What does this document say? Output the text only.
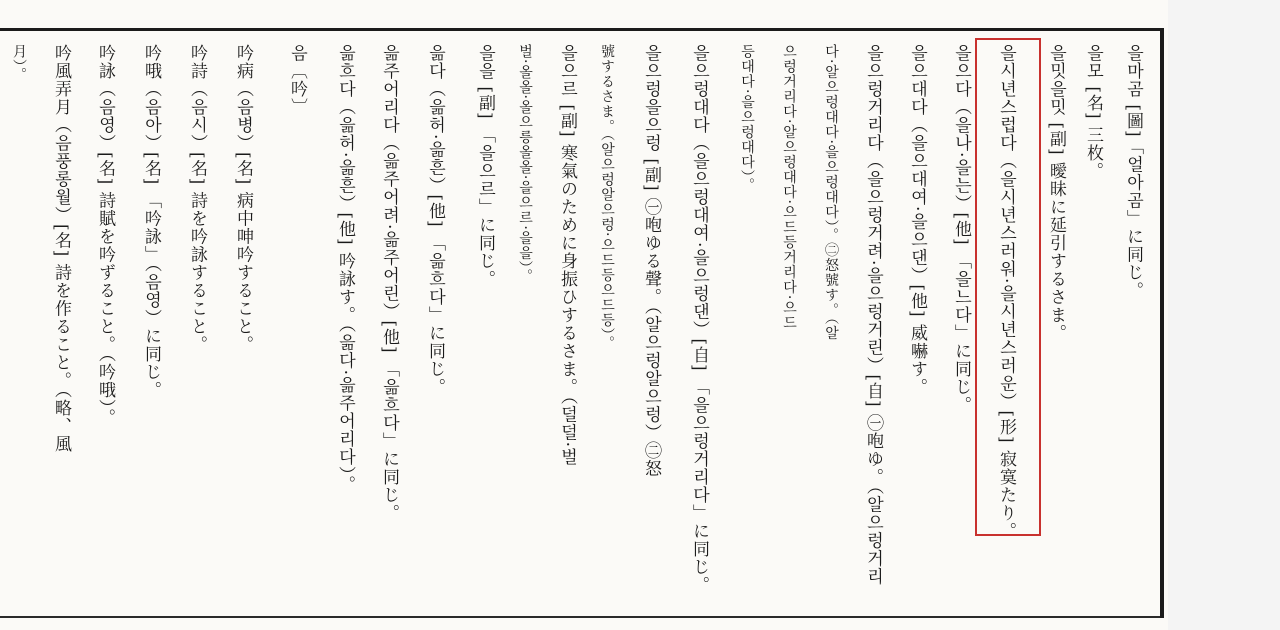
을마곰 [圖]「얼아곰」に同じ。
을모 [名] 三枚。
을밋을밋 [副] 曖昧に延引するさま。
을시년스럽다（을시년스러워·을시년스러운）[形] 寂寞たり。
을으다（을나·을는）[他] 「을느다」に同じ。
을으대다（을으대여·을으댄）[他] 威嚇す。
을으렁거리다（을으렁거려·을으렁거린）[自] ㊀咆ゆ。（알으렁거리
다·알으렁대다·을으렁대다）。㊁怒號す。（알
으렁거리다·알으렁대다·으드등거리다·으드
등대다·을으렁대다）。
을으렁대다（을으렁대여·을으렁댄）[自] 「을으렁거리다」に同じ。
을으렁을으렁 [副] ㊀咆ゆる聲。（알으렁알으렁）㊁怒
號するさま。（알으렁알으렁·으드등으드등）。
을으르 [副] 寒氣のために身振ひするさま。（덜덜·벌
벌·올올·올으릉올올·을으르·을을）。
을을 [副] 「을으르」に同じ。
읆다（읆허·읆흔）[他] 「읆흐다」に同じ。
읆주어리다（읆주어려·읆주어린）[他] 「읆흐다」に同じ。
읆흐다（읆허·읆흔）[他] 吟詠す。（읆다·읆주어리다）。
음〔吟〕
吟病（음병）[名] 病中呻吟すること。
吟詩（음시）[名] 詩を吟詠すること。
吟哦（음아）[名] 「吟詠」（음영）に同じ。
吟詠（음영）[名] 詩賦を吟ずること。（吟哦）。
吟風弄月（음풍롱월）[名] 詩を作ること。（略、風
月）。
